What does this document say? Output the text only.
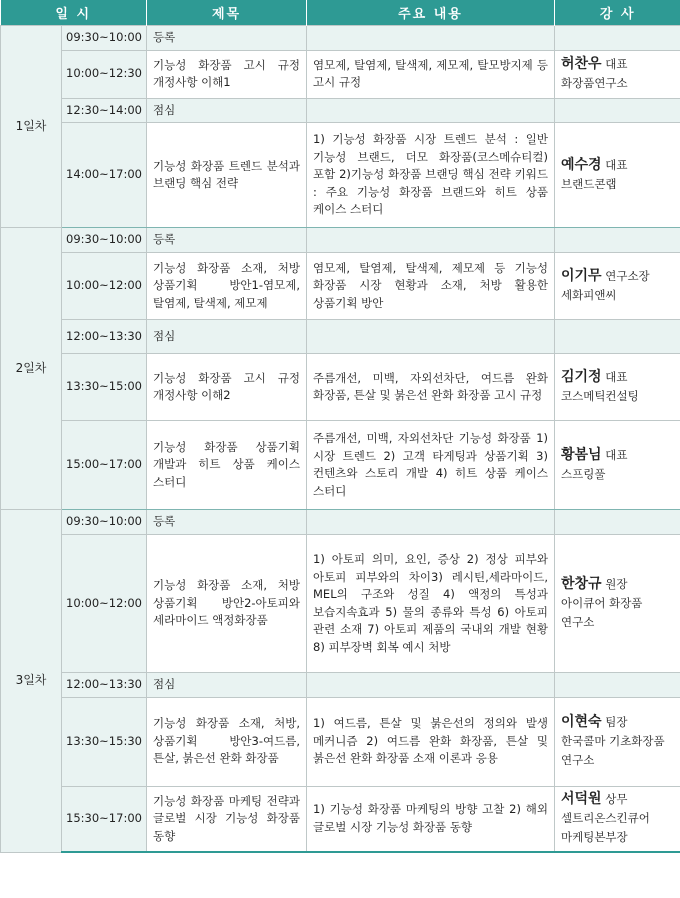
일 시		제목	주요 내용	강 사
1일차	09:30~10:00	등록		
	10:00~12:30	기능성 화장품 고시 규정 개정사항 이해1	염모제, 탈염제, 탈색제, 제모제, 탈모방지제 등 고시 규정	허찬우 대표
화장품연구소
	12:30~14:00	점심		
	14:00~17:00	기능성 화장품 트렌드 분석과 브랜딩 핵심 전략	1) 기능성 화장품 시장 트렌드 분석 : 일반 기능성 브랜드, 더모 화장품(코스메슈티컬) 포함 2)기능성 화장품 브랜딩 핵심 전략 키워드 : 주요 기능성 화장품 브랜드와 히트 상품 케이스 스터디	예수경 대표
브랜드콘랩
2일차	09:30~10:00	등록		
	10:00~12:00	기능성 화장품 소재, 처방 상품기획 방안1-염모제, 탈염제, 탈색제, 제모제	염모제, 탈염제, 탈색제, 제모제 등 기능성 화장품 시장 현황과 소재, 처방 활용한 상품기획 방안	이기무 연구소장
세화피앤씨
	12:00~13:30	점심		
	13:30~15:00	기능성 화장품 고시 규정 개정사항 이해2	주름개선, 미백, 자외선차단, 여드름 완화 화장품, 튼살 및 붉은선 완화 화장품 고시 규정	김기정 대표
코스메틱컨설팅
	15:00~17:00	기능성 화장품 상품기획 개발과 히트 상품 케이스 스터디	주름개선, 미백, 자외선차단 기능성 화장품 1) 시장 트렌드 2) 고객 타게팅과 상품기획 3) 컨텐츠와 스토리 개발 4) 히트 상품 케이스 스터디	황봄님 대표
스프링풀
3일차	09:30~10:00	등록		
	10:00~12:00	기능성 화장품 소재, 처방 상품기획 방안2-아토피와 세라마이드 액정화장품	1) 아토피 의미, 요인, 증상 2) 정상 피부와 아토피 피부와의 차이3) 레시틴,세라마이드, MEL의 구조와 성질 4) 액정의 특성과 보습지속효과 5) 물의 종류와 특성 6) 아토피 관련 소재 7) 아토피 제품의 국내외 개발 현황 8) 피부장벽 회복 예시 처방	한창규 원장
아이큐어 화장품 연구소
	12:00~13:30	점심		
	13:30~15:30	기능성 화장품 소재, 처방, 상품기획 방안3-여드름, 튼살, 붉은선 완화 화장품	1) 여드름, 튼살 및 붉은선의 정의와 발생 메커니즘 2) 여드름 완화 화장품, 튼살 및 붉은선 완화 화장품 소재 이론과 응용	이현숙 팀장
한국콜마 기초화장품 연구소
	15:30~17:00	기능성 화장품 마케팅 전략과 글로벌 시장 기능성 화장품 동향	1) 기능성 화장품 마케팅의 방향 고찰 2) 해외 글로벌 시장 기능성 화장품 동향	서덕원 상무
셀트리온스킨큐어 마케팅본부장
